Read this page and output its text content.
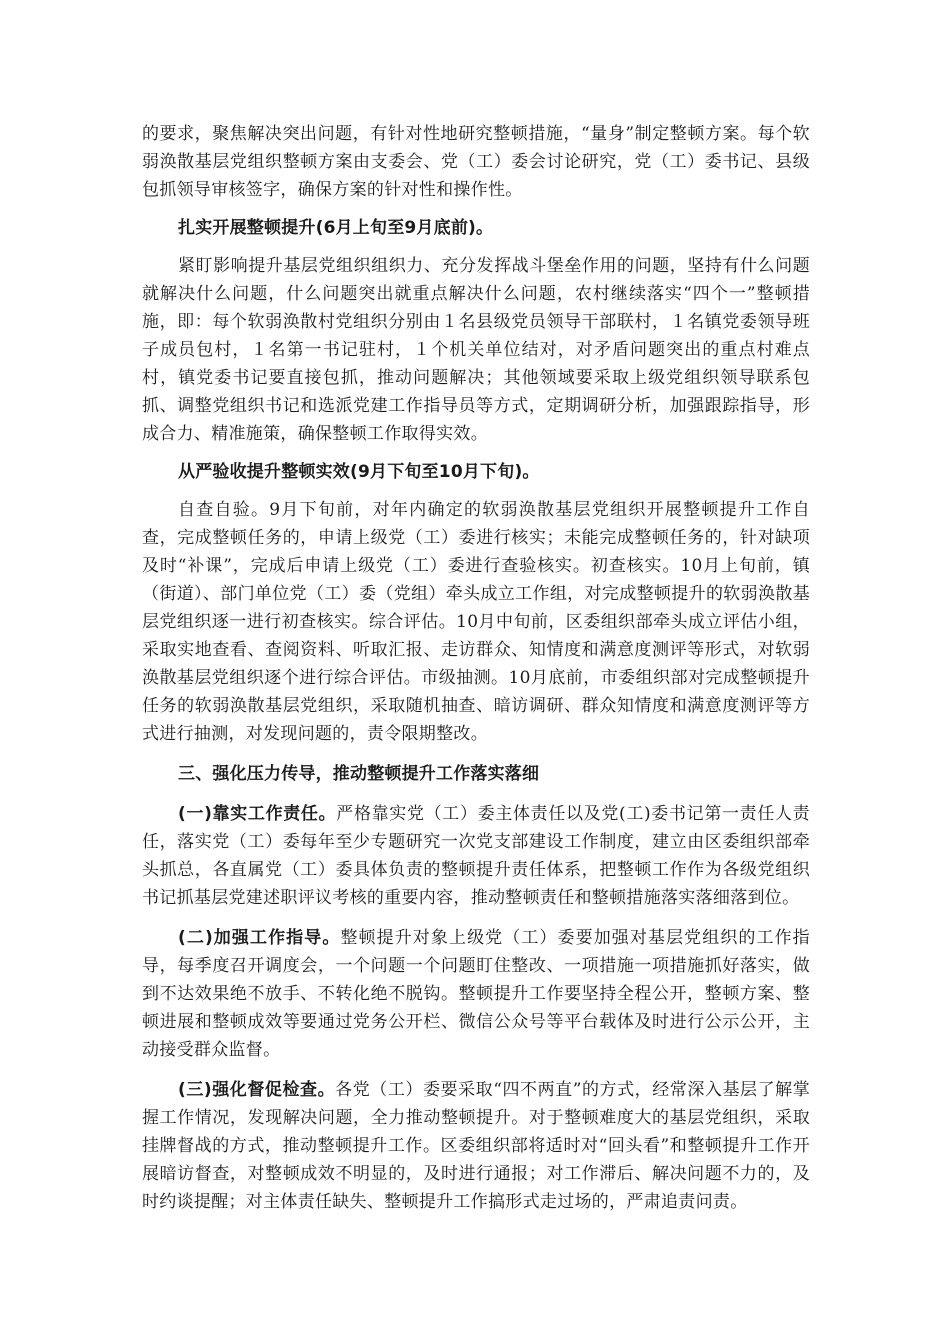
的要求，聚焦解决突出问题，有针对性地研究整顿措施，“量身”制定整顿方案。每个软弱涣散基层党组织整顿方案由支委会、党（工）委会讨论研究，党（工）委书记、县级包抓领导审核签字，确保方案的针对性和操作性。

扎实开展整顿提升(6月上旬至9月底前)。

紧盯影响提升基层党组织组织力、充分发挥战斗堡垒作用的问题，坚持有什么问题就解决什么问题，什么问题突出就重点解决什么问题，农村继续落实“四个一”整顿措施，即：每个软弱涣散村党组织分别由１名县级党员领导干部联村，１名镇党委领导班子成员包村，１名第一书记驻村，１个机关单位结对，对矛盾问题突出的重点村难点村，镇党委书记要直接包抓，推动问题解决；其他领域要采取上级党组织领导联系包抓、调整党组织书记和选派党建工作指导员等方式，定期调研分析，加强跟踪指导，形成合力、精准施策，确保整顿工作取得实效。

从严验收提升整顿实效(9月下旬至10月下旬)。

自查自验。9月下旬前，对年内确定的软弱涣散基层党组织开展整顿提升工作自查，完成整顿任务的，申请上级党（工）委进行核实；未能完成整顿任务的，针对缺项及时“补课”，完成后申请上级党（工）委进行查验核实。初查核实。10月上旬前，镇（街道）、部门单位党（工）委（党组）牵头成立工作组，对完成整顿提升的软弱涣散基层党组织逐一进行初查核实。综合评估。10月中旬前，区委组织部牵头成立评估小组，采取实地查看、查阅资料、听取汇报、走访群众、知情度和满意度测评等形式，对软弱涣散基层党组织逐个进行综合评估。市级抽测。10月底前，市委组织部对完成整顿提升任务的软弱涣散基层党组织，采取随机抽查、暗访调研、群众知情度和满意度测评等方式进行抽测，对发现问题的，责令限期整改。

三、强化压力传导，推动整顿提升工作落实落细

(一)靠实工作责任。严格靠实党（工）委主体责任以及党(工)委书记第一责任人责任，落实党（工）委每年至少专题研究一次党支部建设工作制度，建立由区委组织部牵头抓总，各直属党（工）委具体负责的整顿提升责任体系，把整顿工作作为各级党组织书记抓基层党建述职评议考核的重要内容，推动整顿责任和整顿措施落实落细落到位。

(二)加强工作指导。整顿提升对象上级党（工）委要加强对基层党组织的工作指导，每季度召开调度会，一个问题一个问题盯住整改、一项措施一项措施抓好落实，做到不达效果绝不放手、不转化绝不脱钩。整顿提升工作要坚持全程公开，整顿方案、整顿进展和整顿成效等要通过党务公开栏、微信公众号等平台载体及时进行公示公开，主动接受群众监督。

(三)强化督促检查。各党（工）委要采取“四不两直”的方式，经常深入基层了解掌握工作情况，发现解决问题，全力推动整顿提升。对于整顿难度大的基层党组织，采取挂牌督战的方式，推动整顿提升工作。区委组织部将适时对“回头看”和整顿提升工作开展暗访督查，对整顿成效不明显的，及时进行通报；对工作滞后、解决问题不力的，及时约谈提醒；对主体责任缺失、整顿提升工作搞形式走过场的，严肃追责问责。
